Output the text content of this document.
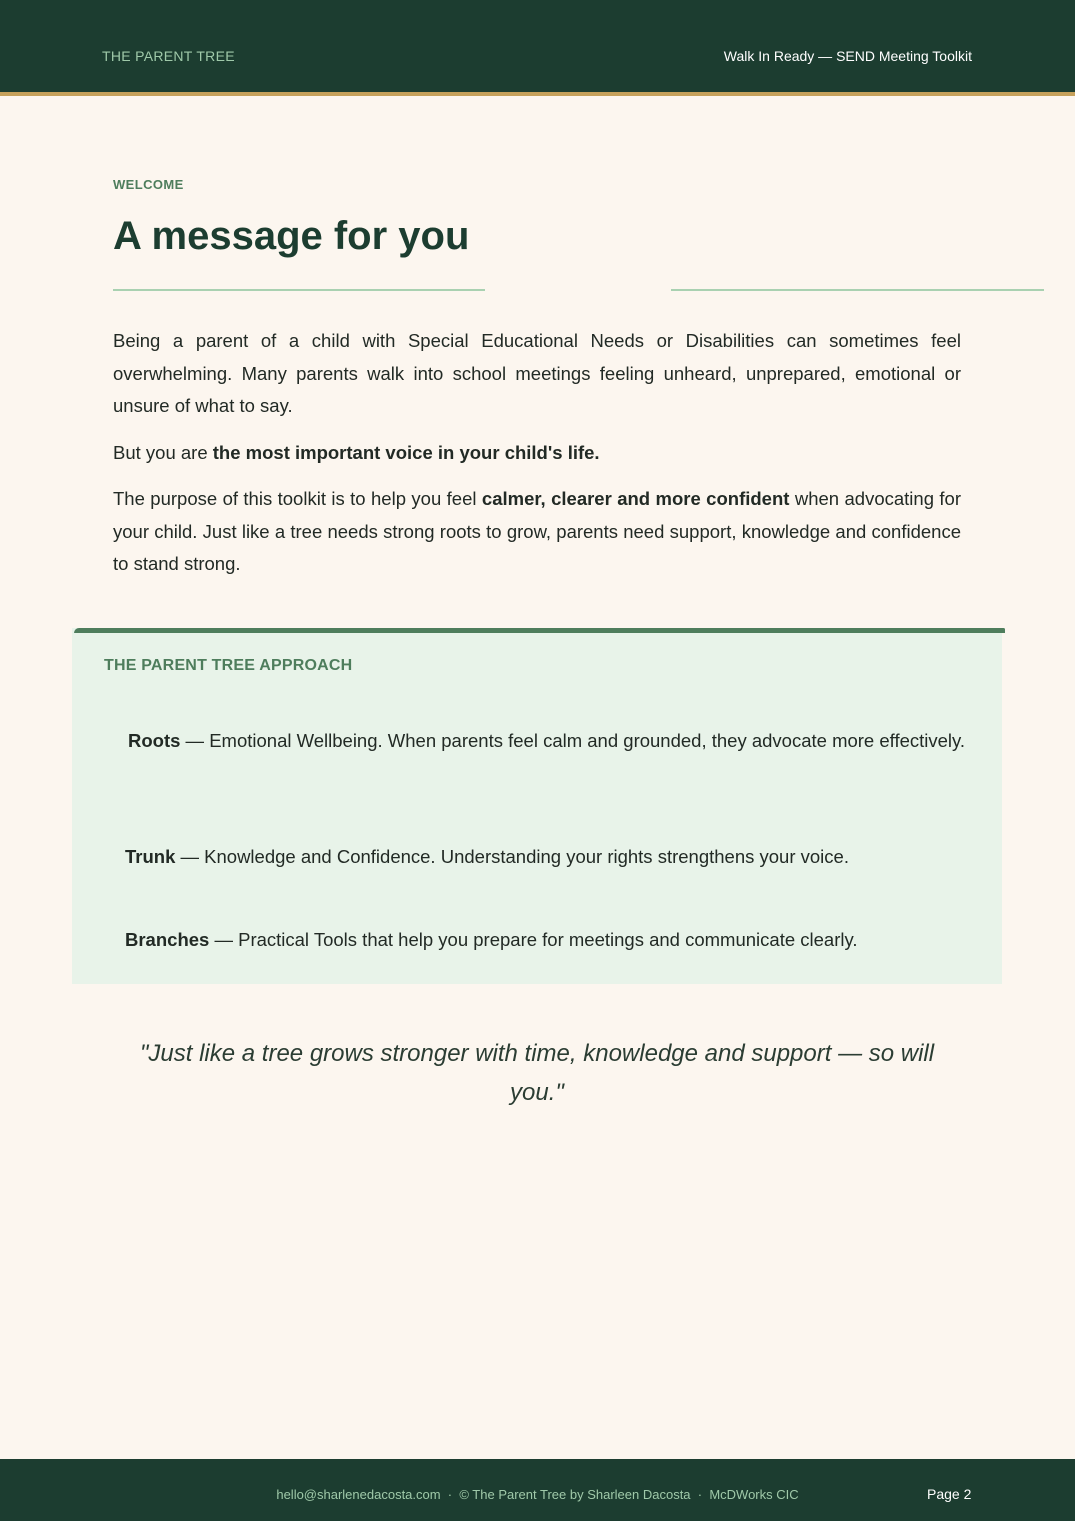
THE PARENT TREE	Walk In Ready — SEND Meeting Toolkit
WELCOME
A message for you

Being a parent of a child with Special Educational Needs or Disabilities can sometimes feel overwhelming. Many parents walk into school meetings feeling unheard, unprepared, emotional or unsure of what to say.

But you are the most important voice in your child's life.

The purpose of this toolkit is to help you feel calmer, clearer and more confident when advocating for your child. Just like a tree needs strong roots to grow, parents need support, knowledge and confidence to stand strong.

THE PARENT TREE APPROACH
Roots — Emotional Wellbeing. When parents feel calm and grounded, they advocate more effectively.
Trunk — Knowledge and Confidence. Understanding your rights strengthens your voice.
Branches — Practical Tools that help you prepare for meetings and communicate clearly.
"Just like a tree grows stronger with time, knowledge and support — so will you."
hello@sharlenedacosta.com  ·  © The Parent Tree by Sharleen Dacosta  ·  McDWorks CIC	Page 2
